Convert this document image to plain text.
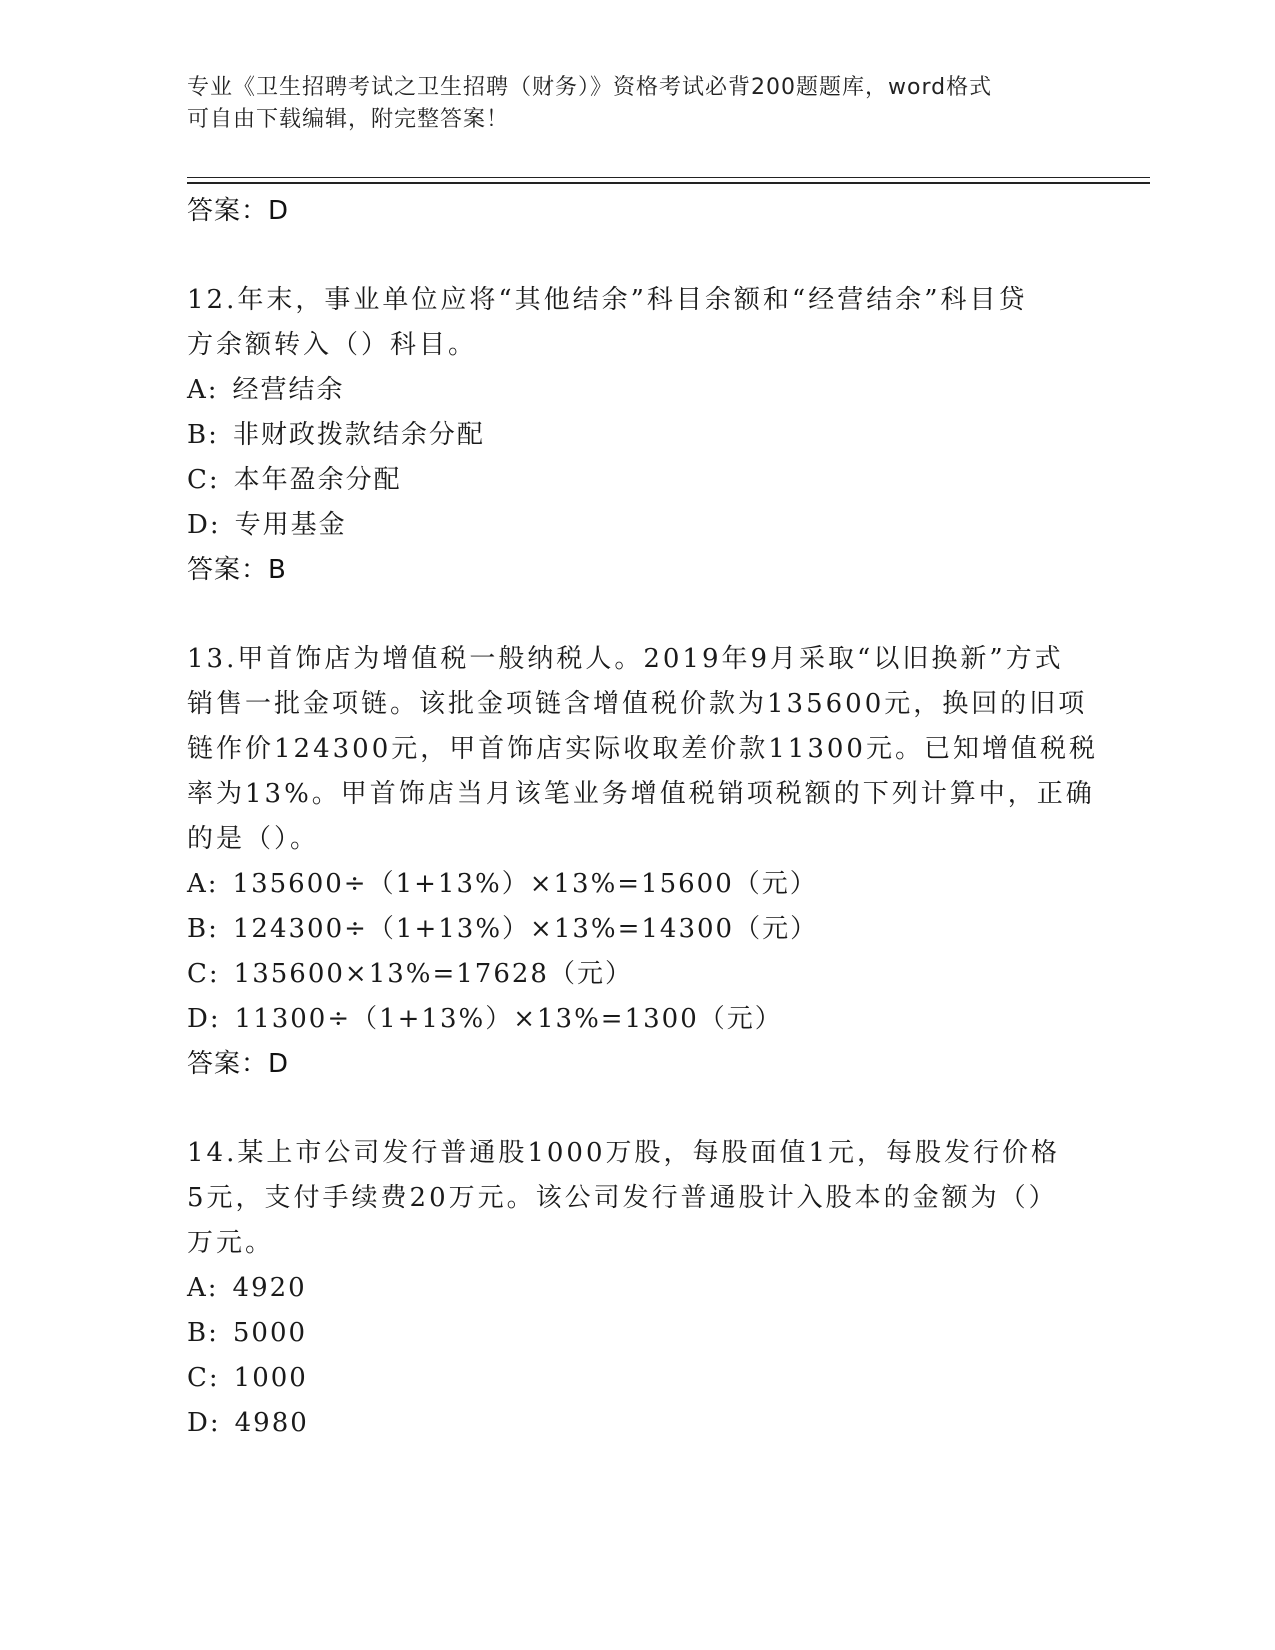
专业《卫生招聘考试之卫生招聘（财务）》资格考试必背200题题库，word格式
可自由下载编辑，附完整答案！
答案：D
12.年末，事业单位应将“其他结余”科目余额和“经营结余”科目贷
方余额转入（）科目。
A: 经营结余
B: 非财政拨款结余分配
C: 本年盈余分配
D: 专用基金
答案：B
13.甲首饰店为增值税一般纳税人。2019年9月采取“以旧换新”方式
销售一批金项链。该批金项链含增值税价款为135600元，换回的旧项
链作价124300元，甲首饰店实际收取差价款11300元。已知增值税税
率为13%。甲首饰店当月该笔业务增值税销项税额的下列计算中，正确
的是（）。
A: 135600÷（1+13%）×13%=15600（元）
B: 124300÷（1+13%）×13%=14300（元）
C: 135600×13%=17628（元）
D: 11300÷（1+13%）×13%=1300（元）
答案：D
14.某上市公司发行普通股1000万股，每股面值1元，每股发行价格
5元，支付手续费20万元。该公司发行普通股计入股本的金额为（）
万元。
A: 4920
B: 5000
C: 1000
D: 4980
